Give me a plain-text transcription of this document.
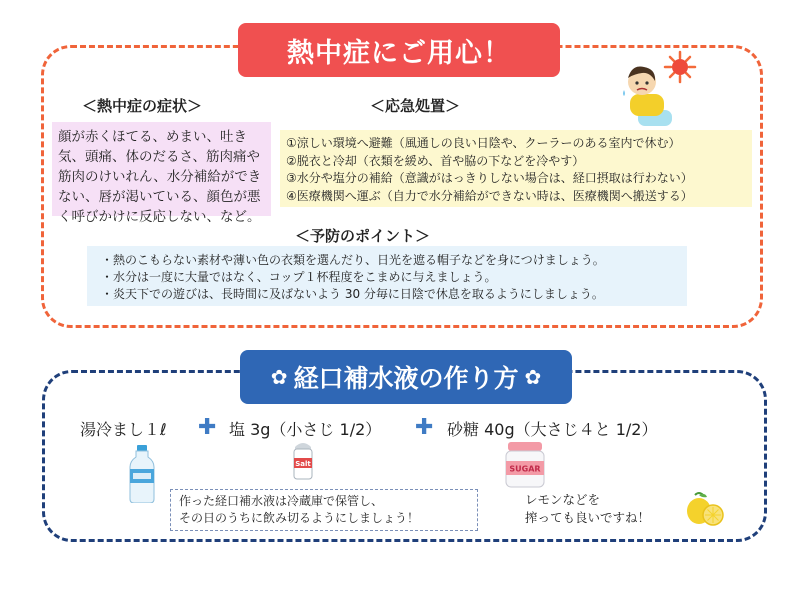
熱中症にご用心！
＜熱中症の症状＞	＜応急処置＞
顔が赤くほてる、めまい、吐き気、頭痛、体のだるさ、筋肉痛や筋肉のけいれん、水分補給ができない、唇が渇いている、顔色が悪く呼びかけに反応しない、など。
①涼しい環境へ避難（風通しの良い日陰や、クーラーのある室内で休む）
②脱衣と冷却（衣類を緩め、首や脇の下などを冷やす）
③水分や塩分の補給（意識がはっきりしない場合は、経口摂取は行わない）
④医療機関へ運ぶ（自力で水分補給ができない時は、医療機関へ搬送する）
＜予防のポイント＞
・ 熱のこもらない素材や薄い色の衣類を選んだり、日光を遮る帽子などを身につけましょう。
・ 水分は一度に大量ではなく、コップ１杯程度をこまめに与えましょう。
・ 炎天下での遊びは、長時間に及ばないよう 30 分毎に日陰で休息を取るようにしましょう。
✿ 経口補水液の作り方 ✿
湯冷まし１ℓ ✚ 塩 3g（小さじ 1/2） ✚ 砂糖 40g（大さじ４と 1/2）
Salt
SUGAR
作った経口補水液は冷蔵庫で保管し、
その日のうちに飲み切るようにしましょう！
レモンなどを
搾っても良いですね！
